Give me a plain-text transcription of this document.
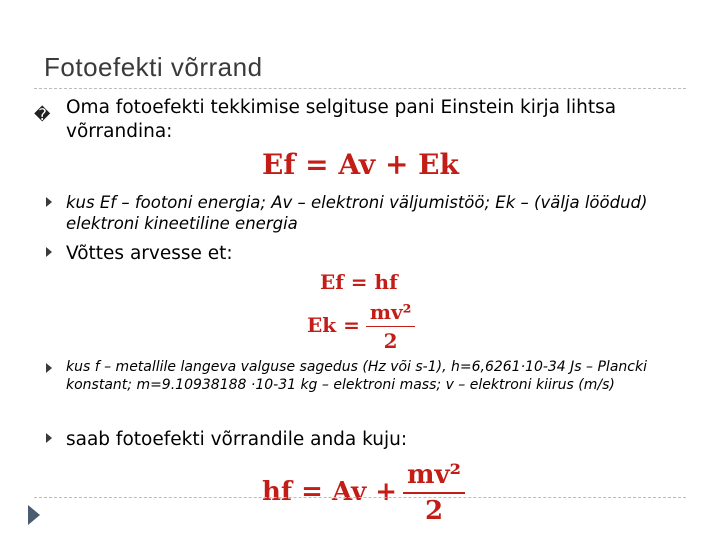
Fotoefekti võrrand
� Oma fotoefekti tekkimise selgituse pani Einstein kirja lihtsa võrrandina:
Ef = Av + Ek
kus Ef – footoni energia; Av – elektroni väljumistöö; Ek – (välja löödud) elektroni kineetiline energia
Võttes arvesse et:
Ef = hf
$Ek = \frac{\text{mv²}}{2}$
kus f – metallile langeva valguse sagedus (Hz või s-1), h=6,6261·10-34 Js – Plancki konstant; m=9.10938188 ·10-31 kg – elektroni mass; v – elektroni kiirus (m/s)
saab fotoefekti võrrandile anda kuju:
hf = $Av + \frac{\text{mv²}}{2}$
